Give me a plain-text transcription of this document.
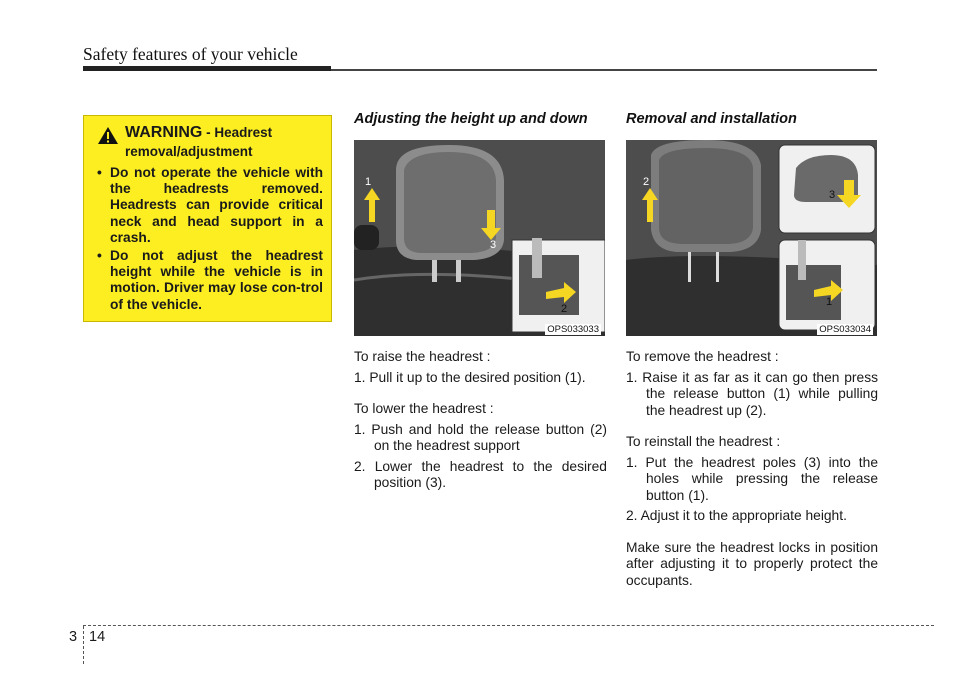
Safety features of your vehicle
WARNING - Headrest
removal/adjustment
• Do not operate the vehicle with the headrests removed. Headrests can provide critical neck and head support in a crash.
• Do not adjust the headrest height while the vehicle is in motion. Driver may lose con-trol of the vehicle.
Adjusting the height up and down
1
3
2
OPS033033
To raise the headrest :
1. Pull it up to the desired position (1).
To lower the headrest :
1. Push and hold the release button (2) on the headrest support
2. Lower the headrest to the desired position (3).
Removal and installation
2
3
1
OPS033034
To remove the headrest :
1. Raise it as far as it can go then press the release button (1) while pulling the headrest up (2).
To reinstall the headrest :
1. Put the headrest poles (3) into the holes while pressing the release button (1).
2. Adjust it to the appropriate height.

Make sure the headrest locks in position after adjusting it to properly protect the occupants.

3 14
